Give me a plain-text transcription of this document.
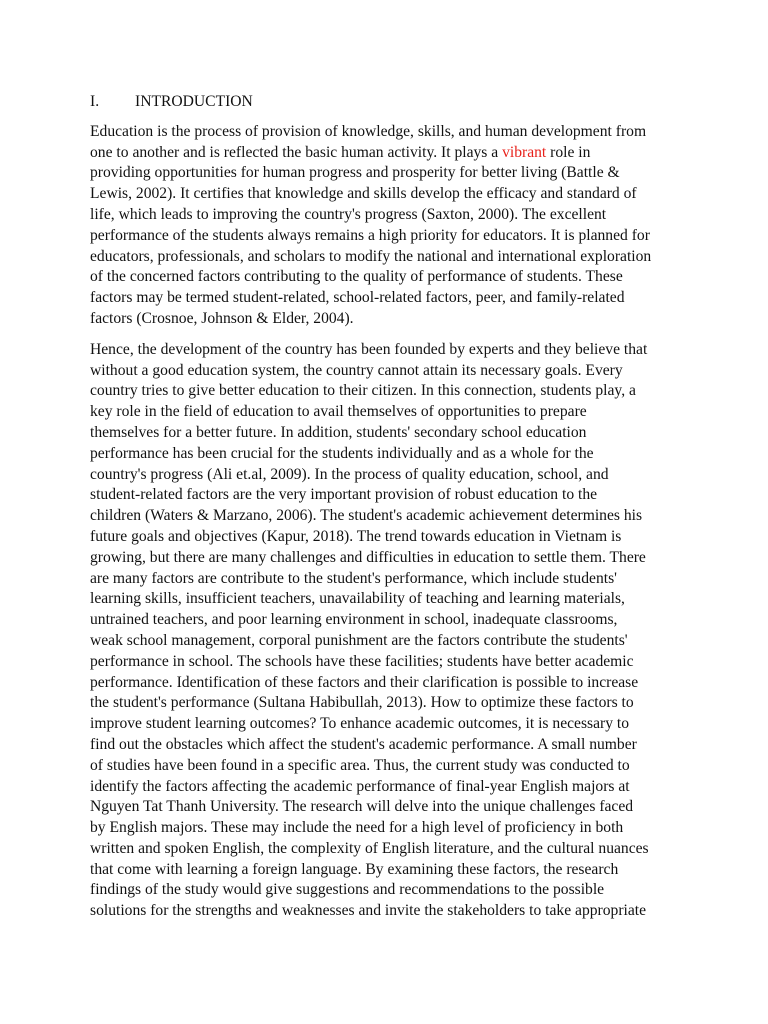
I.	INTRODUCTION
Education is the process of provision of knowledge, skills, and human development from
one to another and is reflected the basic human activity. It plays a vibrant role in
providing opportunities for human progress and prosperity for better living (Battle &
Lewis, 2002). It certifies that knowledge and skills develop the efficacy and standard of
life, which leads to improving the country's progress (Saxton, 2000). The excellent
performance of the students always remains a high priority for educators. It is planned for
educators, professionals, and scholars to modify the national and international exploration
of the concerned factors contributing to the quality of performance of students. These
factors may be termed student-related, school-related factors, peer, and family-related
factors (Crosnoe, Johnson & Elder, 2004).
Hence, the development of the country has been founded by experts and they believe that
without a good education system, the country cannot attain its necessary goals. Every
country tries to give better education to their citizen. In this connection, students play, a
key role in the field of education to avail themselves of opportunities to prepare
themselves for a better future. In addition, students' secondary school education
performance has been crucial for the students individually and as a whole for the
country's progress (Ali et.al, 2009). In the process of quality education, school, and
student-related factors are the very important provision of robust education to the
children (Waters & Marzano, 2006). The student's academic achievement determines his
future goals and objectives (Kapur, 2018). The trend towards education in Vietnam is
growing, but there are many challenges and difficulties in education to settle them. There
are many factors are contribute to the student's performance, which include students'
learning skills, insufficient teachers, unavailability of teaching and learning materials,
untrained teachers, and poor learning environment in school, inadequate classrooms,
weak school management, corporal punishment are the factors contribute the students'
performance in school. The schools have these facilities; students have better academic
performance. Identification of these factors and their clarification is possible to increase
the student's performance (Sultana Habibullah, 2013). How to optimize these factors to
improve student learning outcomes? To enhance academic outcomes, it is necessary to
find out the obstacles which affect the student's academic performance. A small number
of studies have been found in a specific area. Thus, the current study was conducted to
identify the factors affecting the academic performance of final-year English majors at
Nguyen Tat Thanh University. The research will delve into the unique challenges faced
by English majors. These may include the need for a high level of proficiency in both
written and spoken English, the complexity of English literature, and the cultural nuances
that come with learning a foreign language. By examining these factors, the research
findings of the study would give suggestions and recommendations to the possible
solutions for the strengths and weaknesses and invite the stakeholders to take appropriate
